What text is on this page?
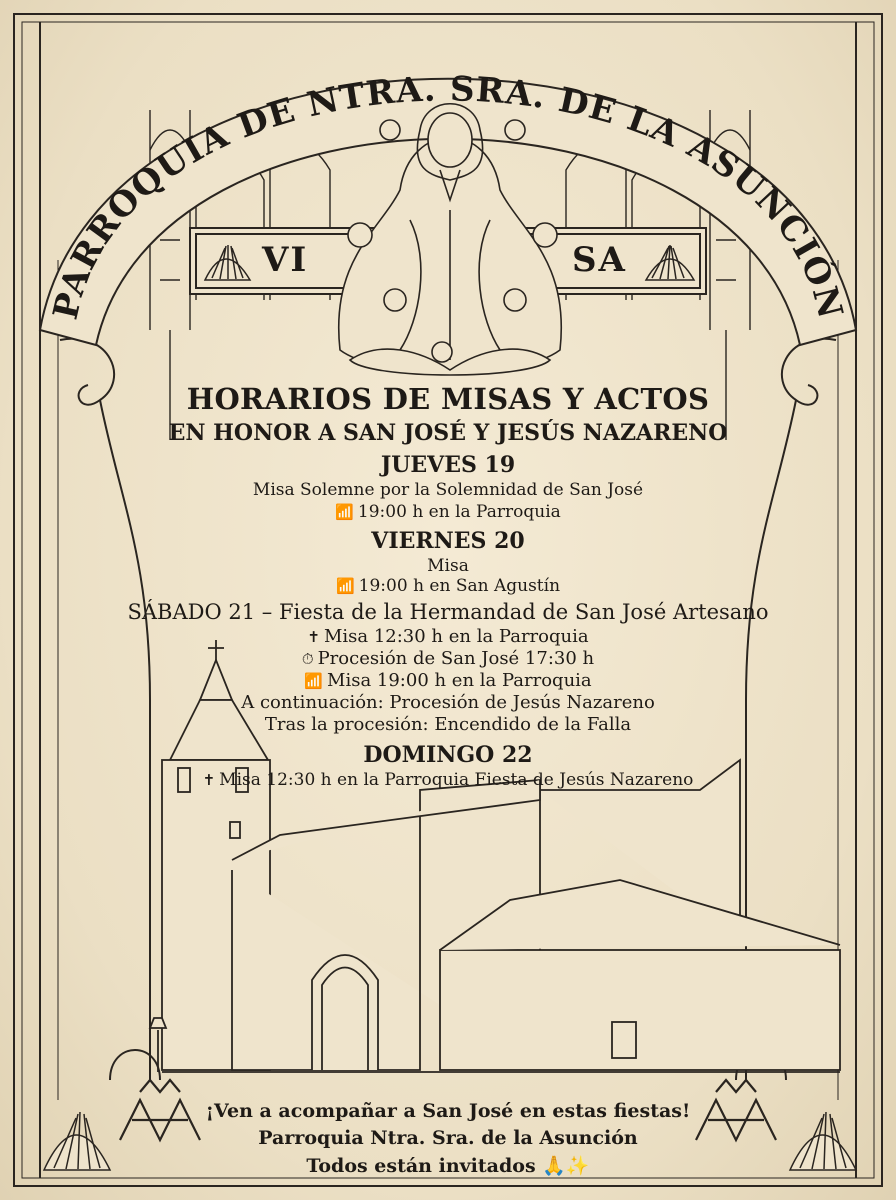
PARROQUIA DE NTRA. SRA. DE LA ASUNCIÓN
VI	SA
HORARIOS DE MISAS Y ACTOS
EN HONOR A SAN JOSÉ Y JESÚS NAZARENO
JUEVES 19
Misa Solemne por la Solemnidad de San José
📶 19:00 h en la Parroquia
VIERNES 20
Misa
📶 19:00 h en San Agustín
SÁBADO 21 – Fiesta de la Hermandad de San José Artesano
✝ Misa 12:30 h en la Parroquia
⏱ Procesión de San José 17:30 h
📶 Misa 19:00 h en la Parroquia
A continuación: Procesión de Jesús Nazareno
Tras la procesión: Encendido de la Falla
DOMINGO 22
✝ Misa 12:30 h en la Parroquia Fiesta de Jesús Nazareno
¡Ven a acompañar a San José en estas fiestas!
Parroquia Ntra. Sra. de la Asunción
Todos están invitados 🙏✨
